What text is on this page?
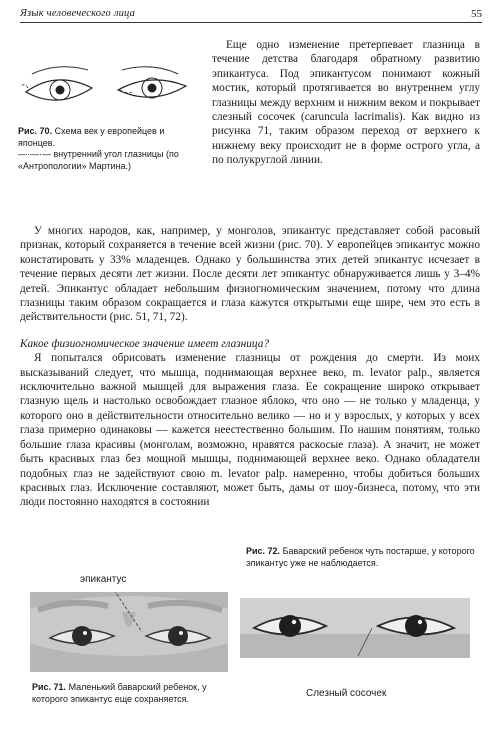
Язык человеческого лица	55
Рис. 70. Схема век у европейцев и японцев.
—·—·— внутренний угол глазницы (по «Антропологии» Мартина.)

Еще одно изменение претерпевает глазница в течение детства благодаря обратному развитию эпикантуса. Под эпикантусом понимают кожный мостик, который протягивается во внутреннем углу глазницы между верхним и нижним веком и покрывает слезный сосочек (caruncula lacrimalis). Как видно из рисунка 71, таким образом переход от верхнего к нижнему веку происходит не в форме острого угла, а по полукруглой линии.

У многих народов, как, например, у монголов, эпикантус представляет собой расовый признак, который сохраняется в течение всей жизни (рис. 70). У европейцев эпикантус можно констатировать у 33% младенцев. Однако у большинства этих детей эпикантус исчезает в течение первых десяти лет жизни. После десяти лет эпикантус обнаруживается лишь у 3–4% детей. Эпикантус обладает небольшим физиогномическим значением, потому что длина глазницы таким образом сокращается и глаза кажутся открытыми еще шире, чем это есть в действительности (рис. 51, 71, 72).

Какое физиогномическое значение имеет глазница?

Я попытался обрисовать изменение глазницы от рождения до смерти. Из моих высказываний следует, что мышца, поднимающая верхнее веко, m. levator palp., является исключительно важной мышцей для выражения глаза. Ее сокращение широко открывает глазную щель и настолько освобождает глазное яблоко, что оно — не только у младенца, у которого оно в действительности относительно велико — но и у взрослых, у которых у всех глаза примерно одинаковы — кажется неестественно большим. По нашим понятиям, только большие глаза красивы (монголам, возможно, нравятся раскосые глаза). А значит, не может быть красивых глаз без мощной мышцы, поднимающей верхнее веко. Однако обладатели подобных глаз не задействуют свою m. levator palp. намеренно, чтобы добиться больших красивых глаз. Исключение составляют, может быть, дамы от шоу-бизнеса, потому, что эти люди постоянно находятся в состоянии

Рис. 72. Баварский ребенок чуть постарше, у которого эпикантус уже не наблюдается.
эпикантус
Рис. 71. Маленький баварский ребенок, у которого эпикантус еще сохраняется.	Слезный сосочек
